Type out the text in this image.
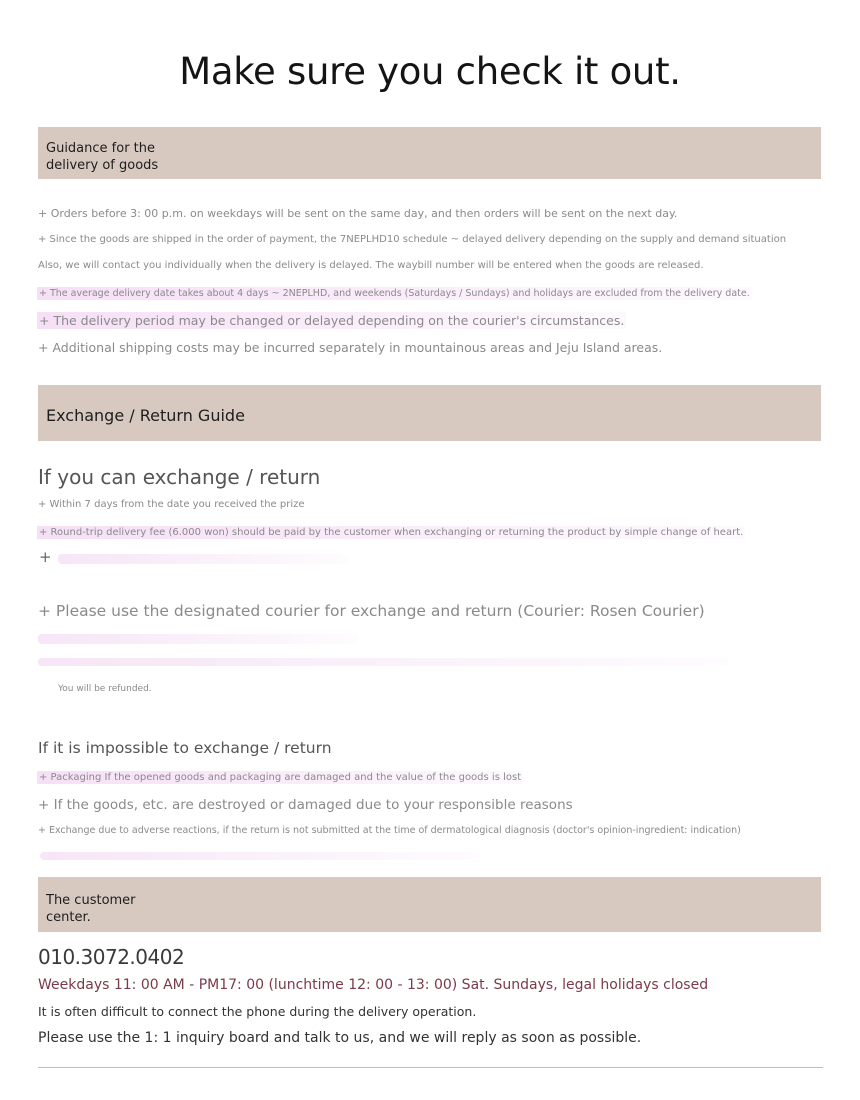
Make sure you check it out.
Guidance for the
delivery of goods
+ Orders before 3: 00 p.m. on weekdays will be sent on the same day, and then orders will be sent on the next day.
+ Since the goods are shipped in the order of payment, the 7NEPLHD10 schedule ~ delayed delivery depending on the supply and demand situation
Also, we will contact you individually when the delivery is delayed. The waybill number will be entered when the goods are released.
+ The average delivery date takes about 4 days ~ 2NEPLHD, and weekends (Saturdays / Sundays) and holidays are excluded from the delivery date.
+ The delivery period may be changed or delayed depending on the courier's circumstances.
+ Additional shipping costs may be incurred separately in mountainous areas and Jeju Island areas.
Exchange / Return Guide
If you can exchange / return
+ Within 7 days from the date you received the prize
+ Round-trip delivery fee (6.000 won) should be paid by the customer when exchanging or returning the product by simple change of heart.
+
+ Please use the designated courier for exchange and return (Courier: Rosen Courier)
You will be refunded.
If it is impossible to exchange / return
+ Packaging If the opened goods and packaging are damaged and the value of the goods is lost
+ If the goods, etc. are destroyed or damaged due to your responsible reasons
+ Exchange due to adverse reactions, if the return is not submitted at the time of dermatological diagnosis (doctor's opinion-ingredient: indication)
The customer
center.
010.3072.0402
Weekdays 11: 00 AM - PM17: 00 (lunchtime 12: 00 - 13: 00) Sat. Sundays, legal holidays closed
It is often difficult to connect the phone during the delivery operation.
Please use the 1: 1 inquiry board and talk to us, and we will reply as soon as possible.
